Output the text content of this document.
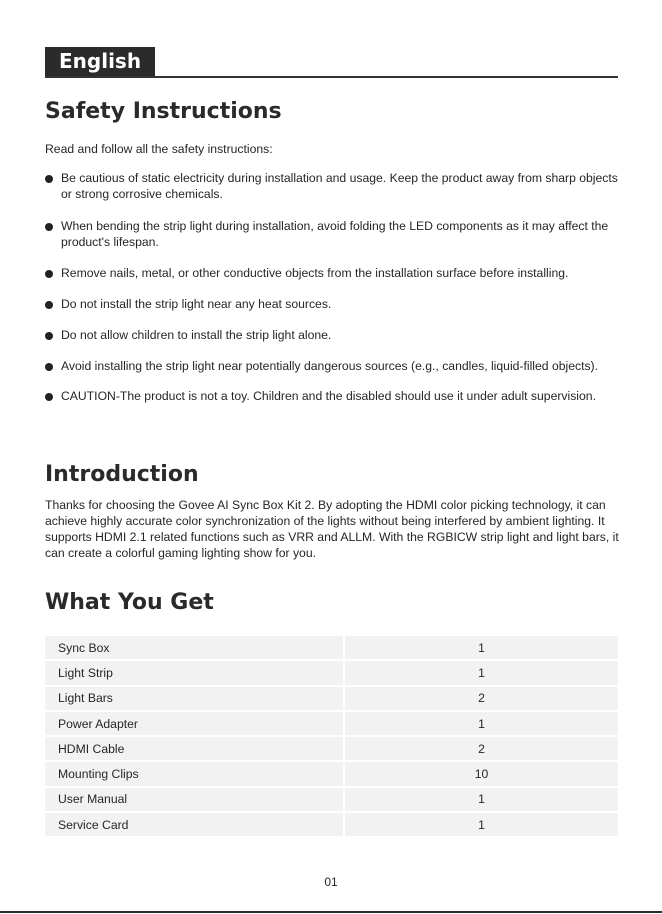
English
Safety Instructions

Read and follow all the safety instructions:

Be cautious of static electricity during installation and usage. Keep the product away from sharp objects or strong corrosive chemicals.
When bending the strip light during installation, avoid folding the LED components as it may affect the product's lifespan.
Remove nails, metal, or other conductive objects from the installation surface before installing.
Do not install the strip light near any heat sources.
Do not allow children to install the strip light alone.
Avoid installing the strip light near potentially dangerous sources (e.g., candles, liquid-filled objects).
CAUTION-The product is not a toy. Children and the disabled should use it under adult supervision.
Introduction

Thanks for choosing the Govee AI Sync Box Kit 2. By adopting the HDMI color picking technology, it can achieve highly accurate color synchronization of the lights without being interfered by ambient lighting. It supports HDMI 2.1 related functions such as VRR and ALLM. With the RGBICW strip light and light bars, it can create a colorful gaming lighting show for you.

What You Get
Sync Box	1
Light Strip	1
Light Bars	2
Power Adapter	1
HDMI Cable	2
Mounting Clips	10
User Manual	1
Service Card	1
01
